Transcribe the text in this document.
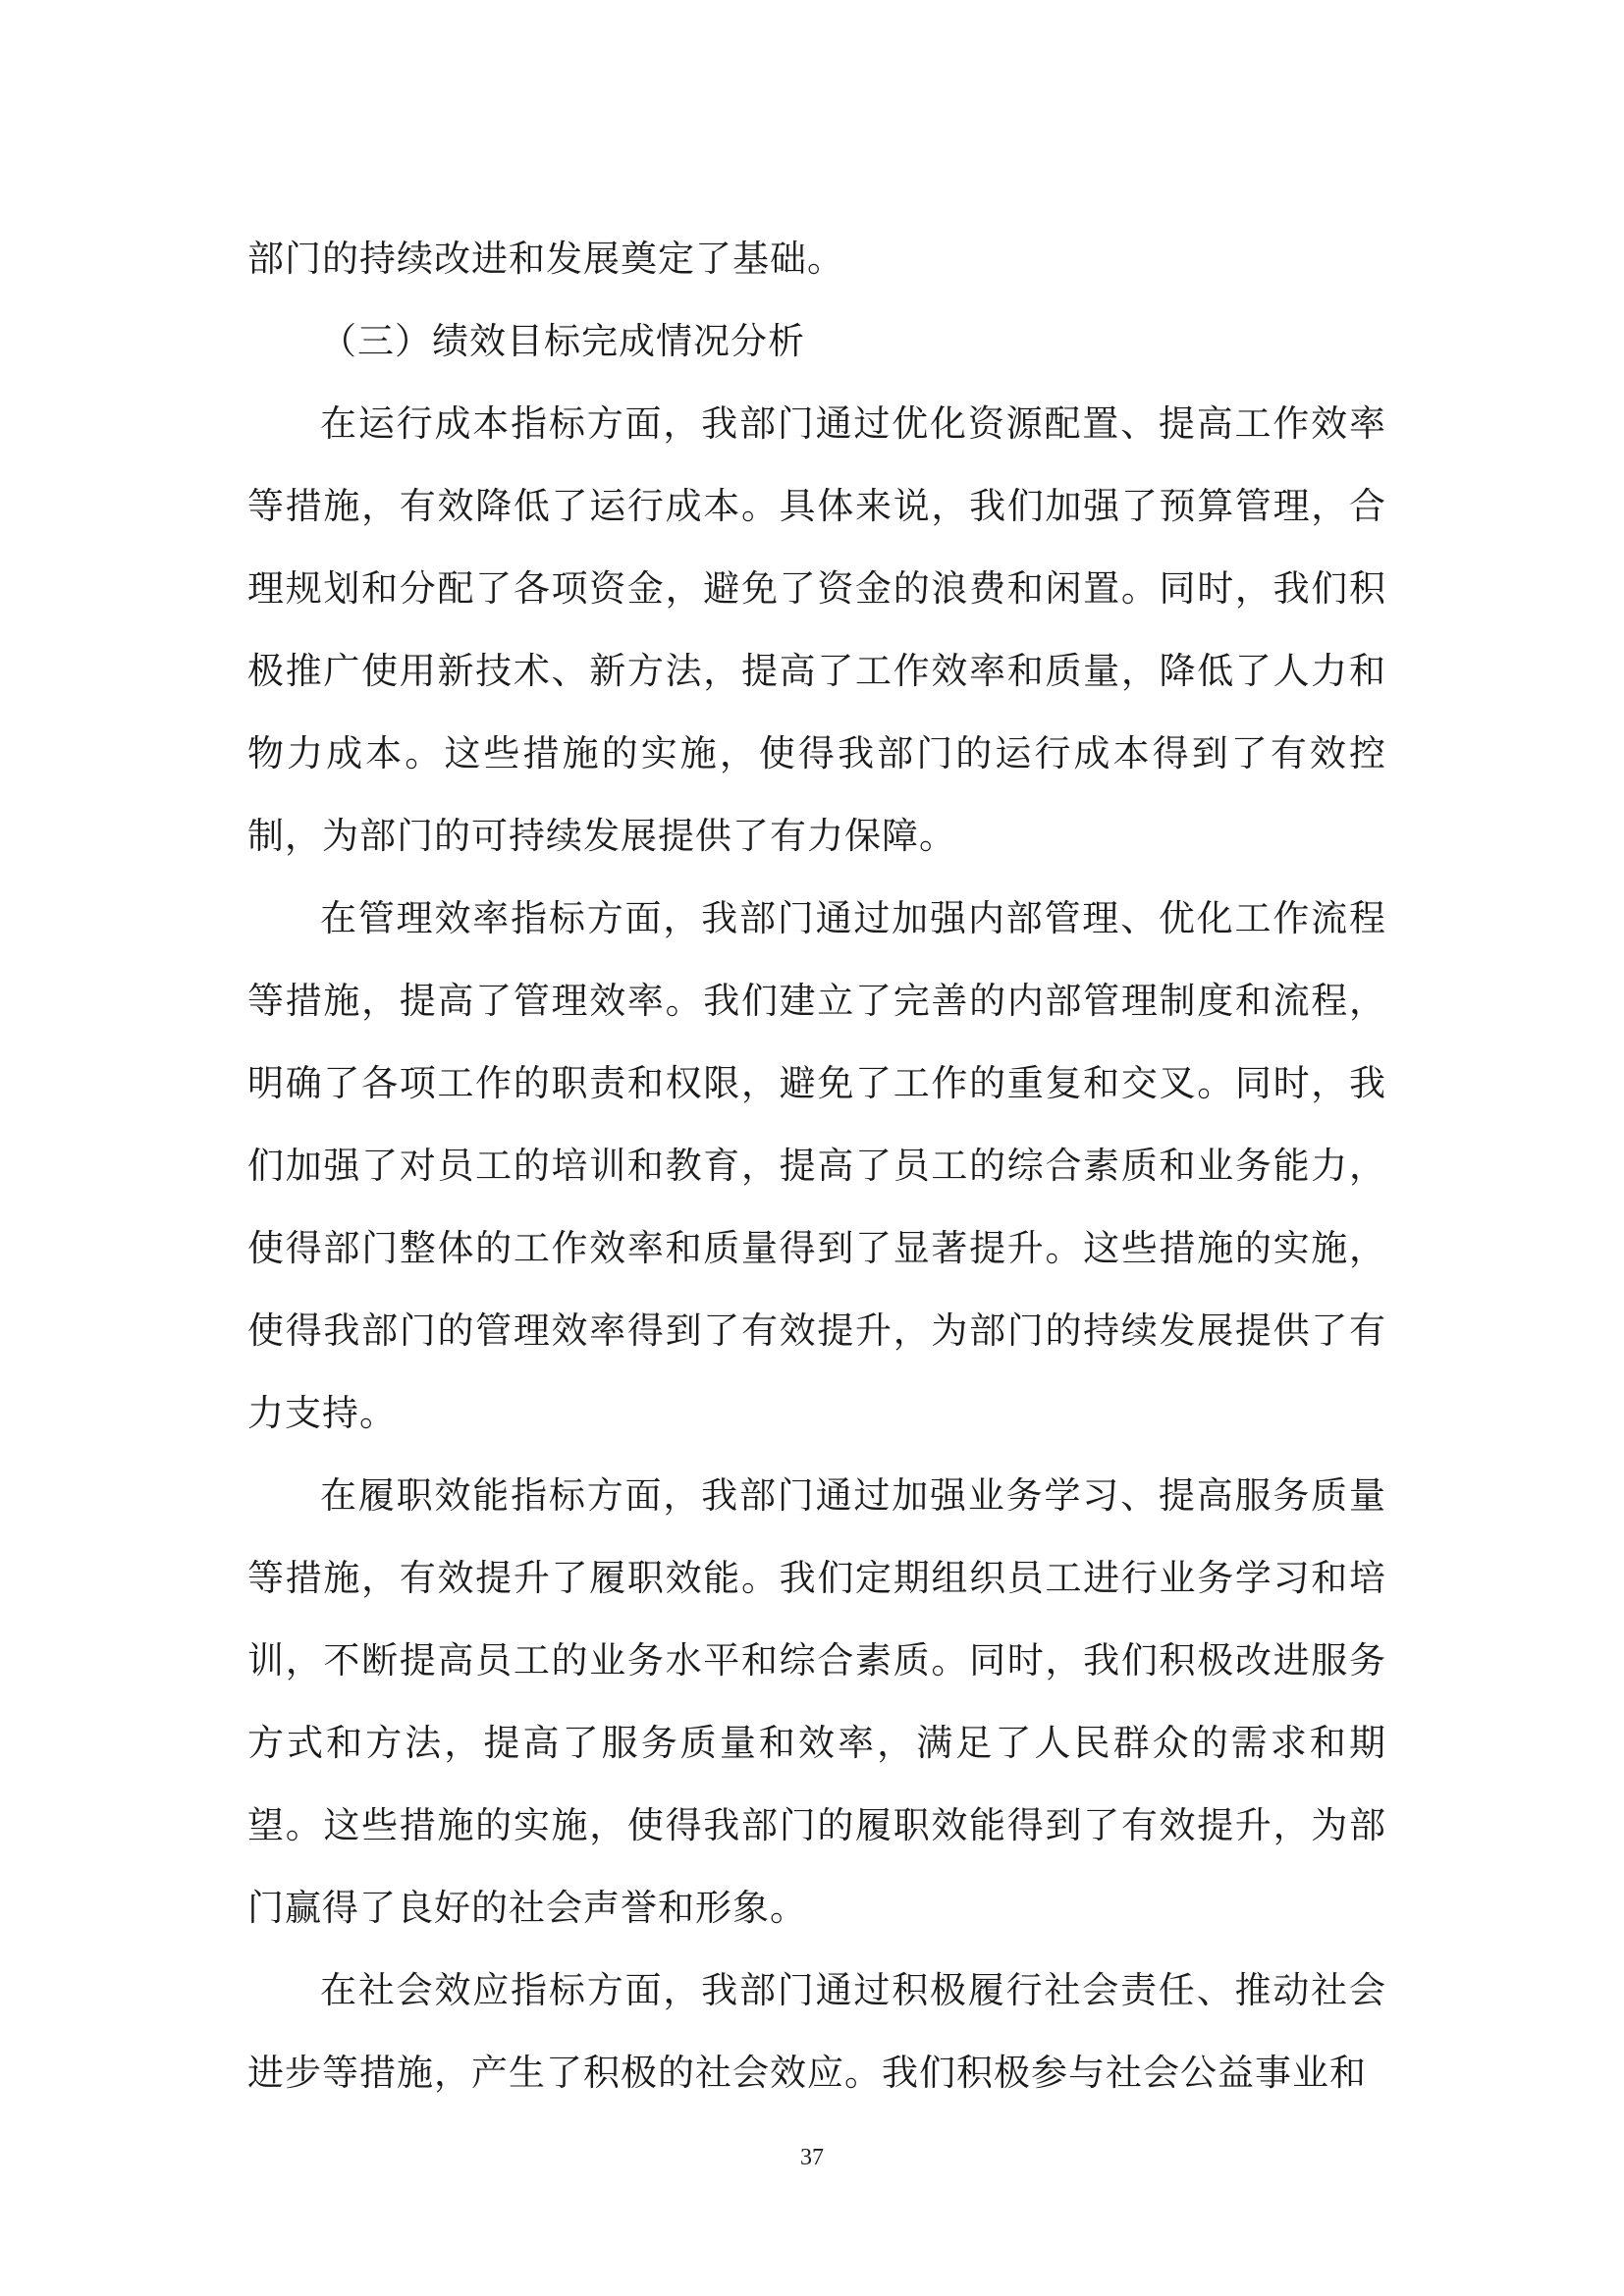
部门的持续改进和发展奠定了基础。

（三）绩效目标完成情况分析

在运行成本指标方面，我部门通过优化资源配置、提高工作效率等措施，有效降低了运行成本。具体来说，我们加强了预算管理，合理规划和分配了各项资金，避免了资金的浪费和闲置。同时，我们积极推广使用新技术、新方法，提高了工作效率和质量，降低了人力和物力成本。这些措施的实施，使得我部门的运行成本得到了有效控制，为部门的可持续发展提供了有力保障。

在管理效率指标方面，我部门通过加强内部管理、优化工作流程等措施，提高了管理效率。我们建立了完善的内部管理制度和流程，明确了各项工作的职责和权限，避免了工作的重复和交叉。同时，我们加强了对员工的培训和教育，提高了员工的综合素质和业务能力，使得部门整体的工作效率和质量得到了显著提升。这些措施的实施，使得我部门的管理效率得到了有效提升，为部门的持续发展提供了有力支持。

在履职效能指标方面，我部门通过加强业务学习、提高服务质量等措施，有效提升了履职效能。我们定期组织员工进行业务学习和培训，不断提高员工的业务水平和综合素质。同时，我们积极改进服务方式和方法，提高了服务质量和效率，满足了人民群众的需求和期望。这些措施的实施，使得我部门的履职效能得到了有效提升，为部门赢得了良好的社会声誉和形象。

在社会效应指标方面，我部门通过积极履行社会责任、推动社会进步等措施，产生了积极的社会效应。我们积极参与社会公益事业和

37
